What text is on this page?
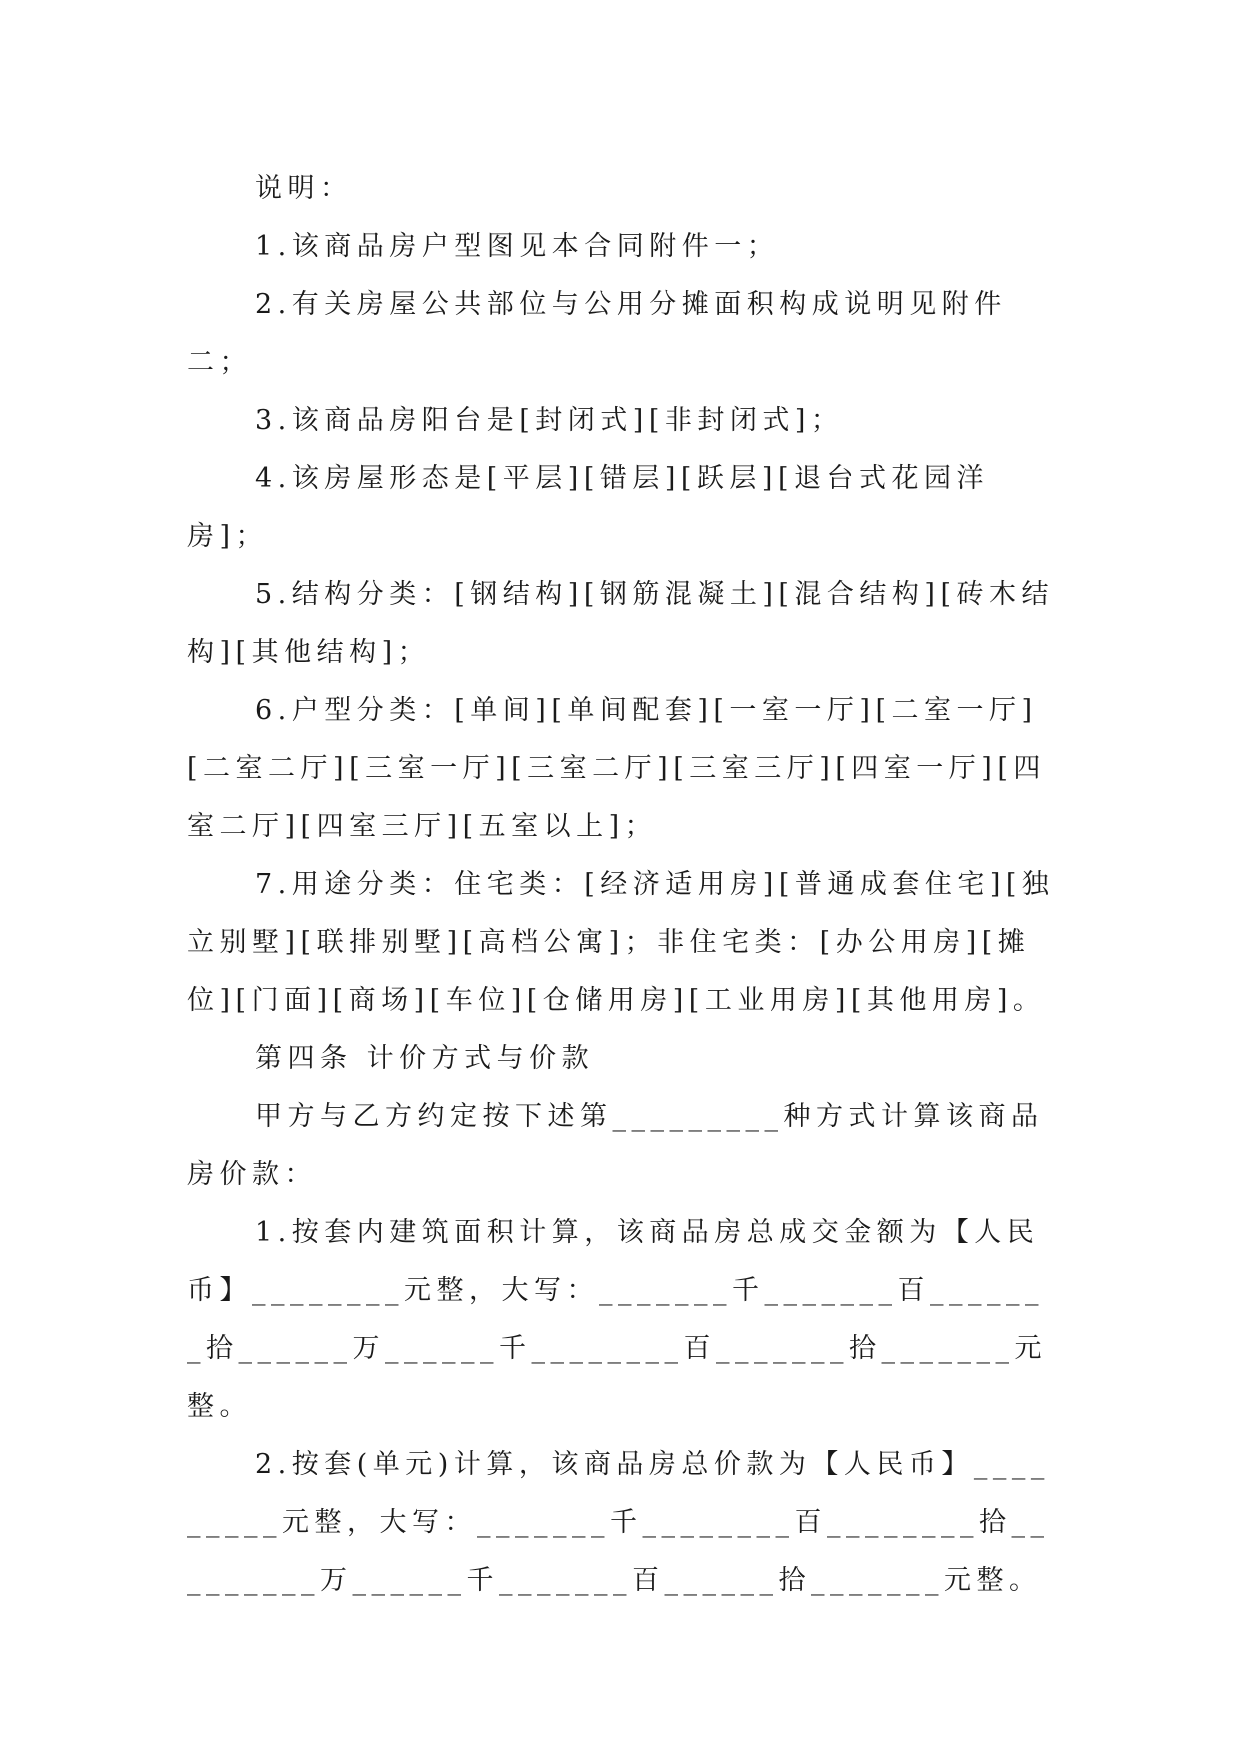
说明：

1.该商品房户型图见本合同附件一；

2.有关房屋公共部位与公用分摊面积构成说明见附件二；

3.该商品房阳台是[封闭式][非封闭式]；

4.该房屋形态是[平层][错层][跃层][退台式花园洋房]；

5.结构分类：[钢结构][钢筋混凝土][混合结构][砖木结构][其他结构]；

6.户型分类：[单间][单间配套][一室一厅][二室一厅][二室二厅][三室一厅][三室二厅][三室三厅][四室一厅][四室二厅][四室三厅][五室以上]；

7.用途分类：住宅类：[经济适用房][普通成套住宅][独立别墅][联排别墅][高档公寓]；非住宅类：[办公用房][摊位][门面][商场][车位][仓储用房][工业用房][其他用房]。

第四条 计价方式与价款

甲方与乙方约定按下述第_________种方式计算该商品房价款：

1.按套内建筑面积计算，该商品房总成交金额为【人民币】________元整，大写：_______千_______百_______拾______万______千________百_______拾_______元整。

2.按套(单元)计算，该商品房总价款为【人民币】_________元整，大写：_______千________百________拾_________万______千_______百______拾_______元整。
